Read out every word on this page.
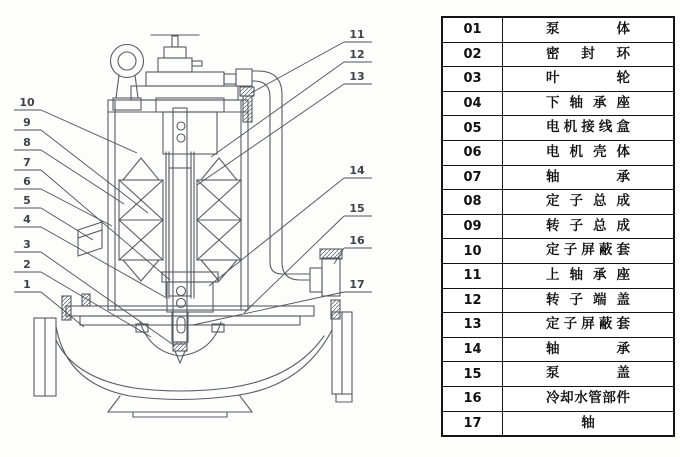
10
9
8
7
6
5
4
3
2
1
11
12
13
14
15
16
17
01	泵	体
02	密 封 环
03	叶	轮
04	下 轴 承 座
05	电 机 接 线 盒
06	电 机 壳 体
07	轴	承
08	定 子 总 成
09	转 子 总 成
10	定 子 屏 蔽 套
11	上 轴 承 座
12	转 子 端 盖
13	定 子 屏 蔽 套
14	轴	承
15	泵	盖
16	冷 却 水 管 部 件
17	轴
